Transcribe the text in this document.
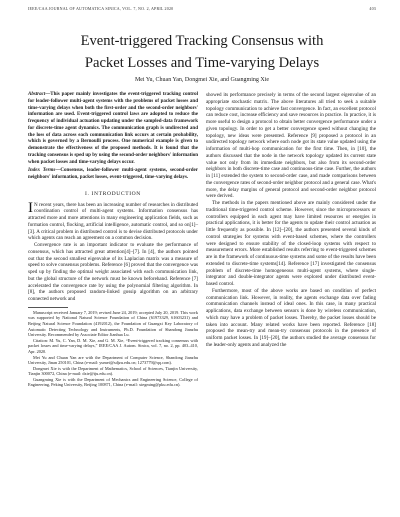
IEEE/CAA JOURNAL OF AUTOMATICA SINICA, VOL. 7, NO. 2, APRIL 2020	403
Event-triggered Tracking Consensus with
Packet Losses and Time-varying Delays
Mei Yu, Chuan Yan, Dongmei Xie, and Guangming Xie

Abstract—This paper mainly investigates the event-triggered tracking control for leader-follower multi-agent systems with the problems of packet losses and time-varying delays when both the first-order and the second-order neighbors' information are used. Event-triggered control laws are adopted to reduce the frequency of individual actuation updating under the sampled-data framework for discrete-time agent dynamics. The communication graph is undirected and the loss of data across each communication link occurs at certain probability, which is governed by a Bernoulli process. One numerical example is given to demonstrate the effectiveness of the proposed methods. It is found that the tracking consensus is sped up by using the second-order neighbors' information when packet losses and time-varying delays occur.

Index Terms—Consensus, leader-follower multi-agent systems, second-order neighbors' information, packet losses, event-triggered, time-varying delays.

I. INTRODUCTION

I N recent years, there has been an increasing number of researches in distributed coordination control of multi-agent systems. Information consensus has attracted more and more attentions in many engineering application fields, such as formation control, flocking, artificial intelligence, automatic control, and so on[1]–[3]. A critical problem in distributed control is to devise distributed protocols under which agents can reach an agreement on a common decision.

Convergence rate is an important indicator to evaluate the performance of consensus, which has attracted great attention[4]–[7]. In [4], the authors pointed out that the second smallest eigenvalue of its Laplacian matrix was a measure of speed to solve consensus problems. Reference [6] proved that the convergence was sped up by finding the optimal weight associated with each communication link, but the global structure of the network must be known beforehand. Reference [7] accelerated the convergence rate by using the polynomial filtering algorithm. In [8], the authors proposed random-linked gossip algorithm on an arbitrary connected network and

Manuscript received January 7, 2019; revised June 24, 2019; accepted July 20, 2019. This work was supported by National Natural Science Foundation of China (61973329, 61603231) and Beijing Natural Science Foundation (4192012), the Foundation of Guangxi Key Laboratory of Automatic Detecting Technology and Instruments, Ph.D. Foundation of Shandong Jianzhu University. Recommended by Associate Editor Jianhua Lu.

Citation: M. Yu, C. Yan, D. M. Xie, and G. M. Xie, “Event-triggered tracking consensus with packet losses and time-varying delays,” IEEE/CAA J. Autom. Sinica, vol. 7, no. 2, pp. 403–410, Apr. 2020.

Mei Yu and Chuan Yan are with the Department of Computer Science, Shandong Jianzhu University, Jinan 250101, China (e-mail: yumei@sdjzu.edu.cn; 1273779@qq.com).

Dongmei Xie is with the Department of Mathematics, School of Sciences, Tianjin University, Tianjin 300072, China (e-mail: dxie@tju.edu.cn).

Guangming Xie is with the Department of Mechanics and Engineering Science, College of Engineering, Peking University, Beijing 100871, China (e-mail: xiegming@pku.edu.cn).

showed its performance precisely in terms of the second largest eigenvalue of an appropriate stochastic matrix. The above literatures all tried to seek a suitable topology communication to achieve fast convergence. In fact, an excellent protocol can reduce cost, increase efficiency and save resources in practice. In practice, it is more useful to design a protocol to obtain better convergence performance under a given topology. In order to get a better convergence speed without changing the topology, new ideas were presented. Reference [9] proposed a protocol in an undirected topology network where each node got its state value updated using the information of multi-hop communication for the first time. Then, in [10], the authors discussed that the node in the network topology updated its current state value not only from its immediate neighbors, but also from its second-order neighbors in both discrete-time case and continuous-time case. Further, the authors in [11] extended the system to second-order case, and made comparisons between the convergence rates of second-order neighbor protocol and a general case. What's more, the delay margins of general protocol and second-order neighbor protocol were derived.

The methods in the papers mentioned above are mainly considered under the traditional time-triggered control scheme. However, since the microprocessors or controllers equipped in each agent may have limited resources or energies in practical applications, it is better for the agents to update their control actuation as little frequently as possible. In [12]–[20], the authors presented several kinds of control strategies for systems with event-based schemes, where the controllers were designed to ensure stability of the closed-loop systems with respect to measurement errors. More established results referring to event-triggered schemes are in the framework of continuous-time systems and some of the results have been extended to discrete-time systems[14]. Reference [17] investigated the consensus problem of discrete-time homogeneous multi-agent systems, where single-integrator and double-integrator agents were explored under distributed event-based control.

Furthermore, most of the above works are based on condition of perfect communication link. However, in reality, the agents exchange data over fading communication channels instead of ideal ones. In this case, in many practical applications, data exchange between sensors is done by wireless communication, which may have a problem of packet losses. Thereby, the packet losses should be taken into account. Many related works have been reported. Reference [18] proposed the mean-try and mean-try consensus protocols in the presence of uniform packet losses. In [19]–[20], the authors studied the average consensus for the leader-only agents and analyzed the
